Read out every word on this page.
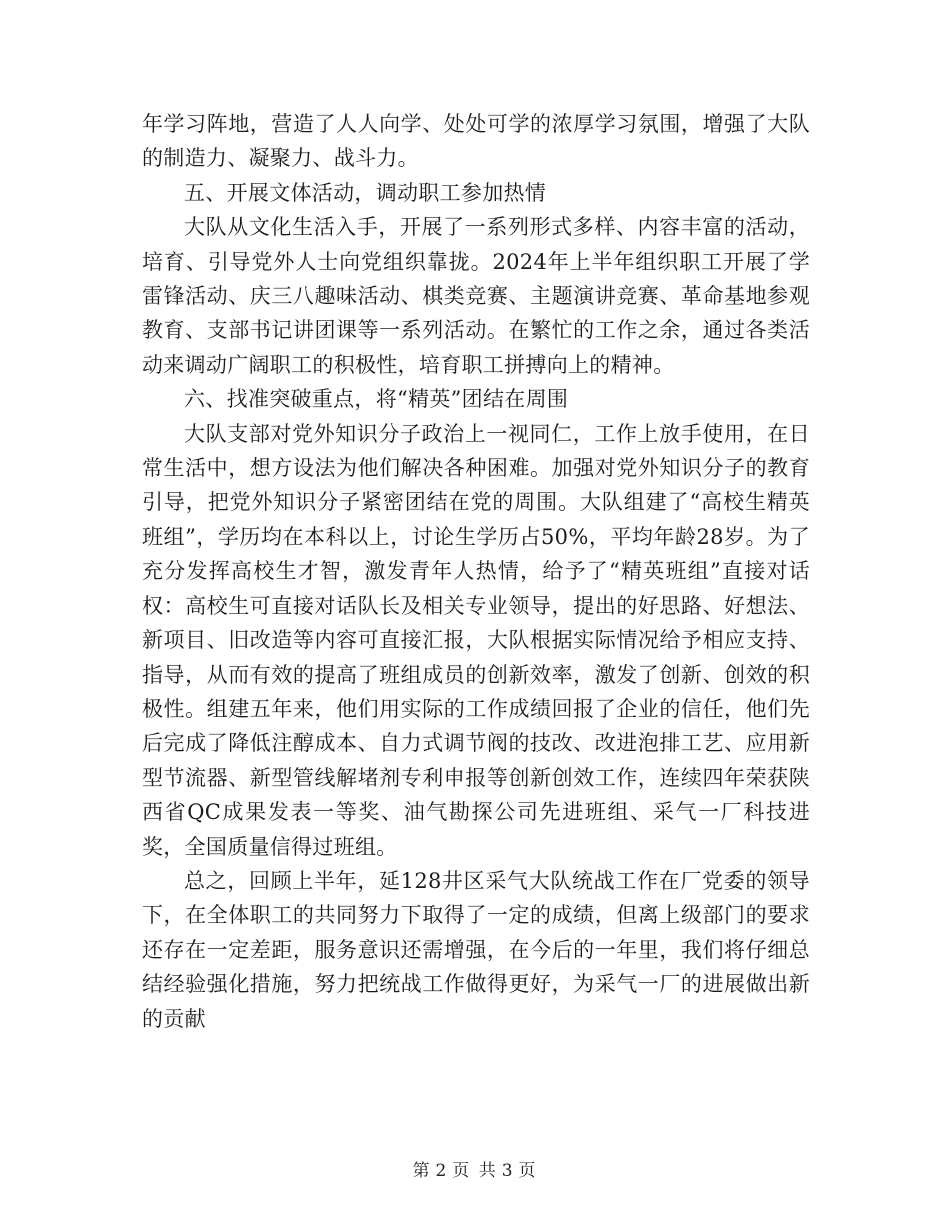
年学习阵地，营造了人人向学、处处可学的浓厚学习氛围，增强了大队的制造力、凝聚力、战斗力。

五、开展文体活动，调动职工参加热情

大队从文化生活入手，开展了一系列形式多样、内容丰富的活动，培育、引导党外人士向党组织靠拢。2024年上半年组织职工开展了学雷锋活动、庆三八趣味活动、棋类竞赛、主题演讲竞赛、革命基地参观教育、支部书记讲团课等一系列活动。在繁忙的工作之余，通过各类活动来调动广阔职工的积极性，培育职工拼搏向上的精神。

六、找准突破重点，将“精英”团结在周围

大队支部对党外知识分子政治上一视同仁，工作上放手使用，在日常生活中，想方设法为他们解决各种困难。加强对党外知识分子的教育引导，把党外知识分子紧密团结在党的周围。大队组建了“高校生精英班组”，学历均在本科以上，讨论生学历占50%，平均年龄28岁。为了充分发挥高校生才智，激发青年人热情，给予了“精英班组”直接对话权：高校生可直接对话队长及相关专业领导，提出的好思路、好想法、新项目、旧改造等内容可直接汇报，大队根据实际情况给予相应支持、指导，从而有效的提高了班组成员的创新效率，激发了创新、创效的积极性。组建五年来，他们用实际的工作成绩回报了企业的信任，他们先后完成了降低注醇成本、自力式调节阀的技改、改进泡排工艺、应用新型节流器、新型管线解堵剂专利申报等创新创效工作，连续四年荣获陕西省QC成果发表一等奖、油气勘探公司先进班组、采气一厂科技进奖，全国质量信得过班组。

总之，回顾上半年，延128井区采气大队统战工作在厂党委的领导下，在全体职工的共同努力下取得了一定的成绩，但离上级部门的要求还存在一定差距，服务意识还需增强，在今后的一年里，我们将仔细总结经验强化措施，努力把统战工作做得更好，为采气一厂的进展做出新的贡献

第 2 页 共 3 页
